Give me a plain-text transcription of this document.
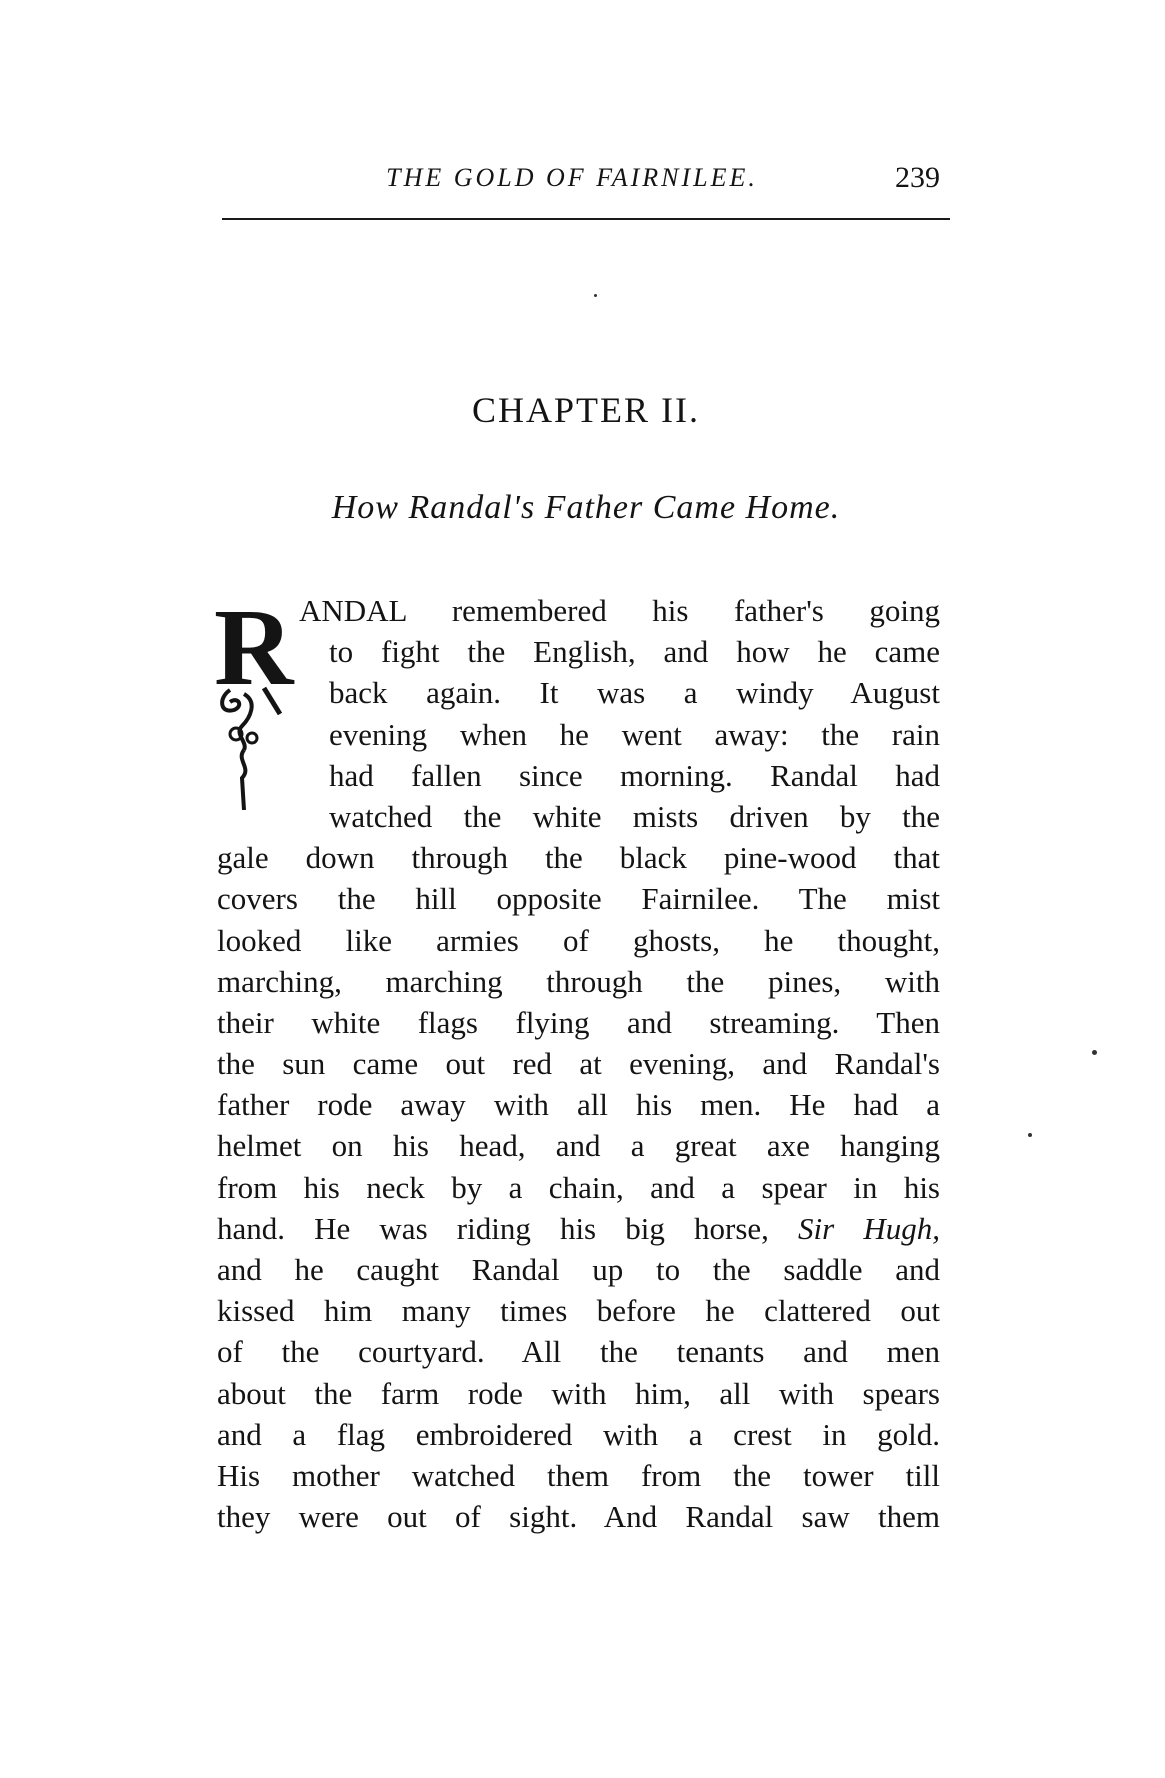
THE GOLD OF FAIRNILEE.	239
CHAPTER II.
How Randal's Father Came Home.
R ANDAL remembered his father's going
to fight the English, and how he came
back again. It was a windy August
evening when he went away: the rain
had fallen since morning. Randal had
watched the white mists driven by the
gale down through the black pine-wood that
covers the hill opposite Fairnilee. The mist
looked like armies of ghosts, he thought,
marching, marching through the pines, with
their white flags flying and streaming. Then
the sun came out red at evening, and Randal's
father rode away with all his men. He had a
helmet on his head, and a great axe hanging
from his neck by a chain, and a spear in his
hand. He was riding his big horse, Sir Hugh,
and he caught Randal up to the saddle and
kissed him many times before he clattered out
of the courtyard. All the tenants and men
about the farm rode with him, all with spears
and a flag embroidered with a crest in gold.
His mother watched them from the tower till
they were out of sight. And Randal saw them
